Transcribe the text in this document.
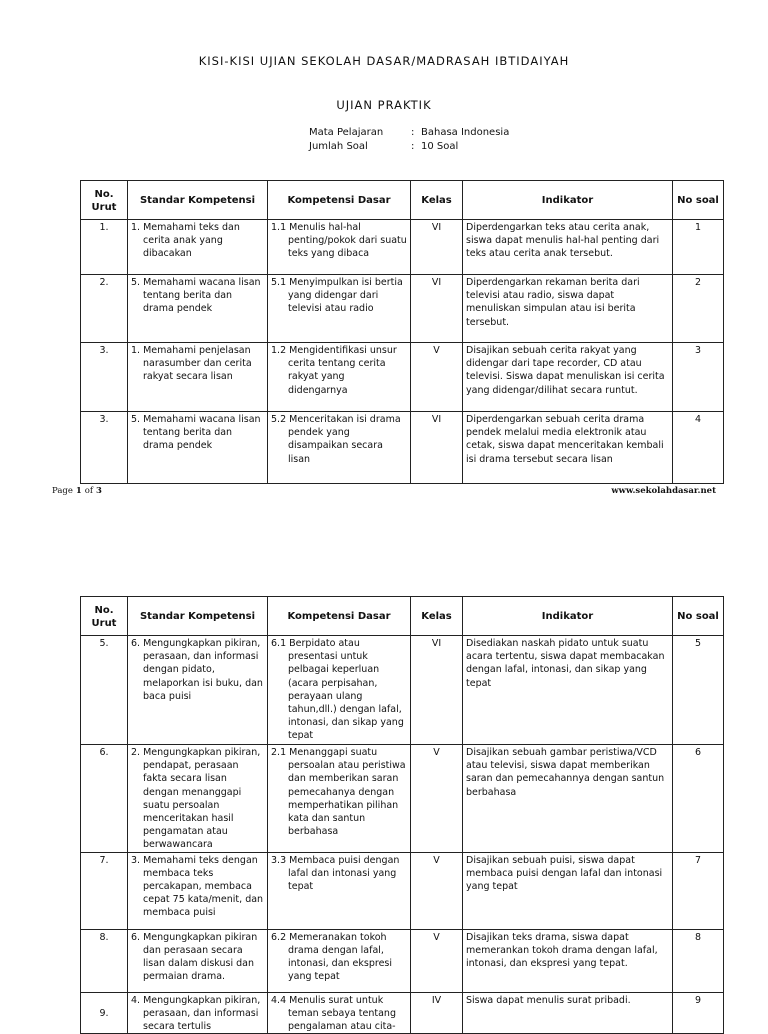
KISI-KISI UJIAN SEKOLAH DASAR/MADRASAH IBTIDAIYAH
UJIAN PRAKTIK
Mata Pelajaran	: Bahasa Indonesia
Jumlah Soal	: 10 Soal
No. Urut	Standar Kompetensi	Kompetensi Dasar	Kelas	Indikator	No soal
1.	1. Memahami teks dan cerita anak yang dibacakan	1.1 Menulis hal-hal penting/pokok dari suatu teks yang dibaca	VI	Diperdengarkan teks atau cerita anak, siswa dapat menulis hal-hal penting dari teks atau cerita anak tersebut.	1
2.	5. Memahami wacana lisan tentang berita dan drama pendek	5.1 Menyimpulkan isi bertia yang didengar dari televisi atau radio	VI	Diperdengarkan rekaman berita dari televisi atau radio, siswa dapat menuliskan simpulan atau isi berita tersebut.	2
3.	1. Memahami penjelasan narasumber dan cerita rakyat secara lisan	1.2 Mengidentifikasi unsur cerita tentang cerita rakyat yang didengarnya	V	Disajikan sebuah cerita rakyat yang didengar dari tape recorder, CD atau televisi. Siswa dapat menuliskan isi cerita yang didengar/dilihat secara runtut.	3
3.	5. Memahami wacana lisan tentang berita dan drama pendek	5.2 Menceritakan isi drama pendek yang disampaikan secara lisan	VI	Diperdengarkan sebuah cerita drama pendek melalui media elektronik atau cetak, siswa dapat menceritakan kembali isi drama tersebut secara lisan	4
Page 1 of 3	www.sekolahdasar.net
No. Urut	Standar Kompetensi	Kompetensi Dasar	Kelas	Indikator	No soal
5.	6. Mengungkapkan pikiran, perasaan, dan informasi dengan pidato, melaporkan isi buku, dan baca puisi	6.1 Berpidato atau presentasi untuk pelbagai keperluan (acara perpisahan, perayaan ulang tahun,dll.) dengan lafal, intonasi, dan sikap yang tepat	VI	Disediakan naskah pidato untuk suatu acara tertentu, siswa dapat membacakan dengan lafal, intonasi, dan sikap yang tepat	5
6.	2. Mengungkapkan pikiran, pendapat, perasaan fakta secara lisan dengan menanggapi suatu persoalan menceritakan hasil pengamatan atau berwawancara	2.1 Menanggapi suatu persoalan atau peristiwa dan memberikan saran pemecahanya dengan memperhatikan pilihan kata dan santun berbahasa	V	Disajikan sebuah gambar peristiwa/VCD atau televisi, siswa dapat memberikan saran dan pemecahannya dengan santun berbahasa	6
7.	3. Memahami teks dengan membaca teks percakapan, membaca cepat 75 kata/menit, dan membaca puisi	3.3 Membaca puisi dengan lafal dan intonasi yang tepat	V	Disajikan sebuah puisi, siswa dapat membaca puisi dengan lafal dan intonasi yang tepat	7
8.	6. Mengungkapkan pikiran dan perasaan secara lisan dalam diskusi dan permaian drama.	6.2 Memeranakan tokoh drama dengan lafal, intonasi, dan ekspresi yang tepat	V	Disajikan teks drama, siswa dapat memerankan tokoh drama dengan lafal, intonasi, dan ekspresi yang tepat.	8
9.	4. Mengungkapkan pikiran, perasaan, dan informasi secara tertulis	4.4 Menulis surat untuk teman sebaya tentang pengalaman atau cita-	IV	Siswa dapat menulis surat pribadi.	9
